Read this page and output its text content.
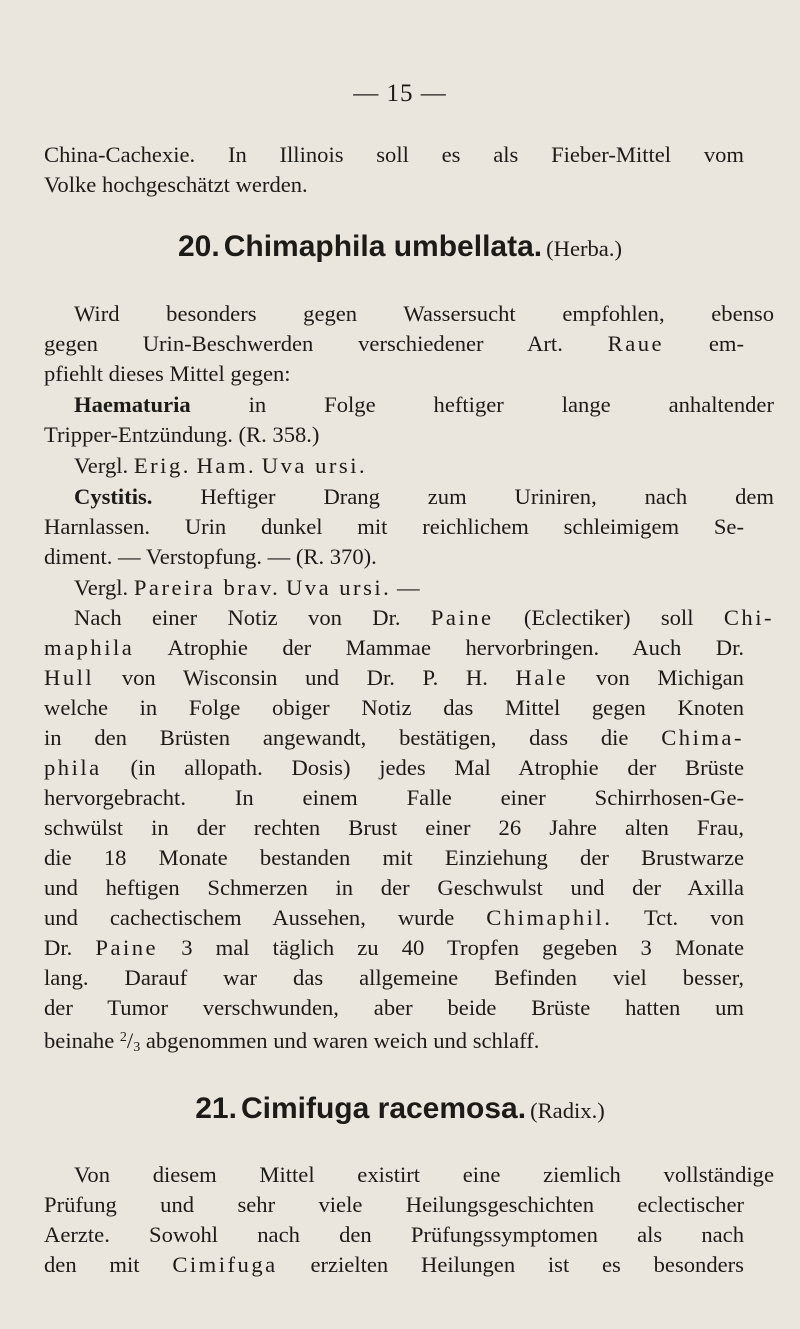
— 15 —
China-Cachexie. In Illinois soll es als Fieber-Mittel vom
Volke hochgeschätzt werden.
20. Chimaphila umbellata. (Herba.)
Wird besonders gegen Wassersucht empfohlen, ebenso
gegen Urin-Beschwerden verschiedener Art. Raue em-
pfiehlt dieses Mittel gegen:
Haematuria	in Folge heftiger lange anhaltender
Tripper-Entzündung. (R. 358.)
Vergl. Erig. Ham. Uva ursi.
Cystitis. Heftiger Drang zum Uriniren, nach dem
Harnlassen. Urin dunkel mit reichlichem schleimigem Se-
diment. — Verstopfung. — (R. 370).
Vergl. Pareira brav. Uva ursi. —
Nach einer Notiz von Dr. Paine (Eclectiker) soll Chi-
maphila Atrophie der Mammae hervorbringen. Auch Dr.
Hull von Wisconsin und Dr. P. H. Hale von Michigan
welche in Folge obiger Notiz das Mittel gegen Knoten
in den Brüsten angewandt, bestätigen, dass die Chima-
phila (in allopath. Dosis) jedes Mal Atrophie der Brüste
hervorgebracht. In einem Falle einer Schirrhosen-Ge-
schwülst in der rechten Brust einer 26 Jahre alten Frau,
die 18 Monate bestanden mit Einziehung der Brustwarze
und heftigen Schmerzen in der Geschwulst und der Axilla
und cachectischem Aussehen, wurde Chimaphil. Tct. von
Dr. Paine 3 mal täglich zu 40 Tropfen gegeben 3 Monate
lang. Darauf war das allgemeine Befinden viel besser,
der Tumor verschwunden, aber beide Brüste hatten um
beinahe $^2/_3$ abgenommen und waren weich und schlaff.
21. Cimifuga racemosa. (Radix.)
Von diesem Mittel existirt eine ziemlich vollständige
Prüfung und sehr viele Heilungsgeschichten eclectischer
Aerzte. Sowohl nach den Prüfungssymptomen als nach
den mit Cimifuga erzielten Heilungen ist es besonders
